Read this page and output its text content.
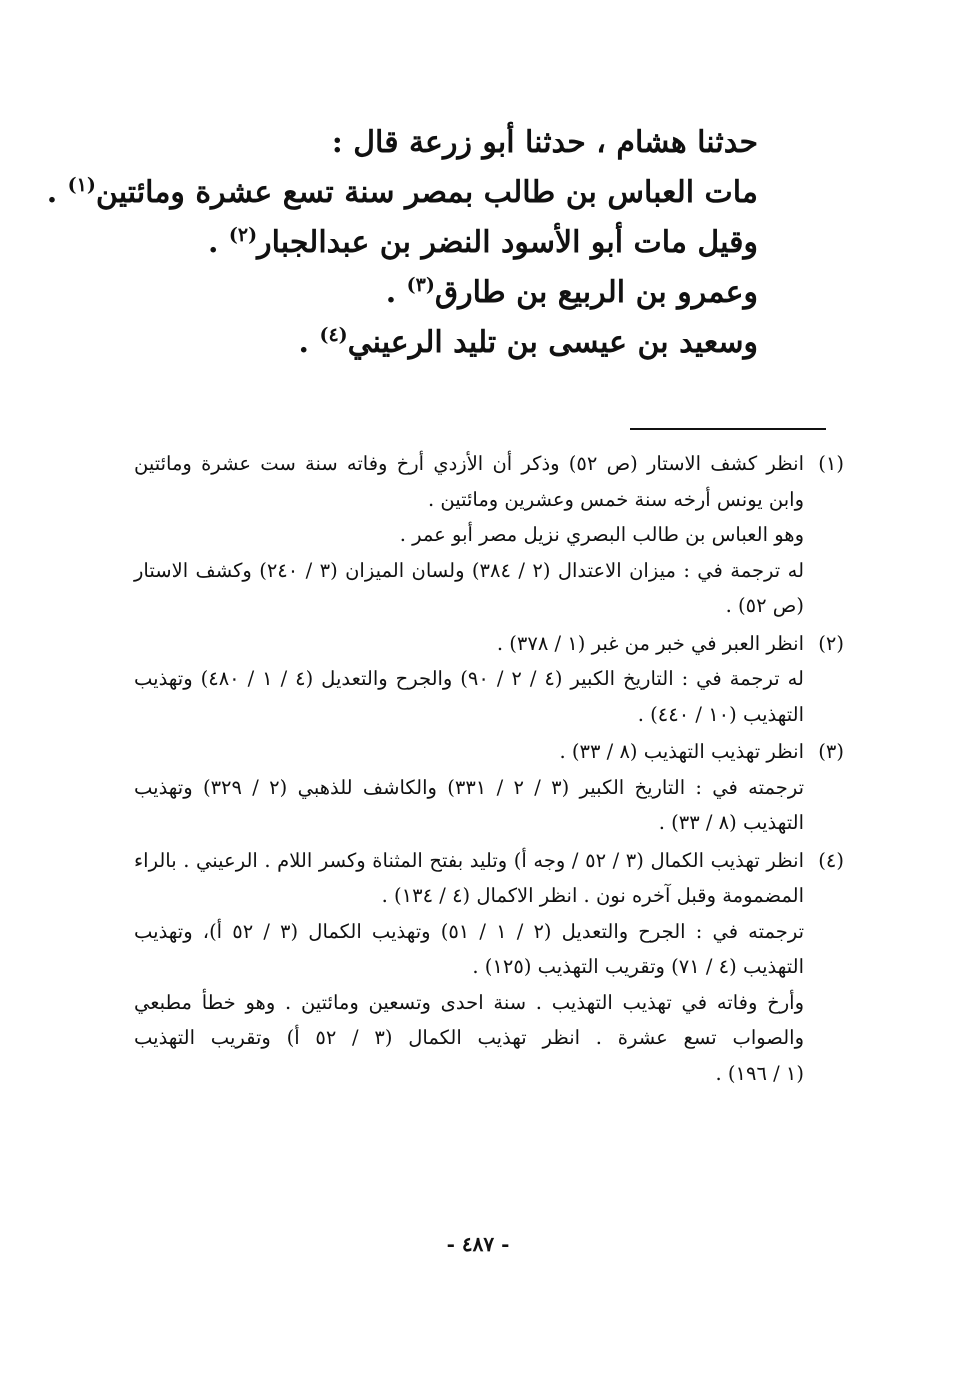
حدثنا هشام ، حدثنا أبو زرعة قال :
مات العباس بن طالب بمصر سنة تسع عشرة ومائتين$^{(١)}$ .
وقيل مات أبو الأسود النضر بن عبدالجبار$^{(٢)}$ .
وعمرو بن الربيع بن طارق$^{(٣)}$ .
وسعيد بن عيسى بن تليد الرعيني$^{(٤)}$ .
(١)انظر كشف الاستار (ص ٥٢) وذكر أن الأزدي أرخ وفاته سنة ست عشرة ومائتين
وابن يونس أرخه سنة خمس وعشرين ومائتين .
وهو العباس بن طالب البصري نزيل مصر أبو عمر .
له ترجمة في : ميزان الاعتدال (٢ / ٣٨٤) ولسان الميزان (٣ / ٢٤٠) وكشف الاستار
(ص ٥٢) .
(٢)انظر العبر في خبر من غبر (١ / ٣٧٨) .
له ترجمة في : التاريخ الكبير (٤ / ٢ / ٩٠) والجرح والتعديل (٤ / ١ / ٤٨٠) وتهذيب
التهذيب (١٠ / ٤٤٠) .
(٣)انظر تهذيب التهذيب (٨ / ٣٣) .
ترجمته في : التاريخ الكبير (٣ / ٢ / ٣٣١) والكاشف للذهبي (٢ / ٣٢٩) وتهذيب
التهذيب (٨ / ٣٣) .
(٤)انظر تهذيب الكمال (٣ / ٥٢ / وجه أ) وتليد بفتح المثناة وكسر اللام . الرعيني . بالراء
المضمومة وقبل آخره نون . انظر الاكمال (٤ / ١٣٤) .
ترجمته في : الجرح والتعديل (٢ / ١ / ٥١) وتهذيب الكمال (٣ / ٥٢ أ)، وتهذيب
التهذيب (٤ / ٧١) وتقريب التهذيب (١٢٥) .
وأرخ وفاته في تهذيب التهذيب . سنة احدى وتسعين ومائتين . وهو خطأ مطبعي
والصواب تسع عشرة . انظر تهذيب الكمال (٣ / ٥٢ أ) وتقريب التهذيب
(١ / ١٩٦) .
- ٤٨٧ -
